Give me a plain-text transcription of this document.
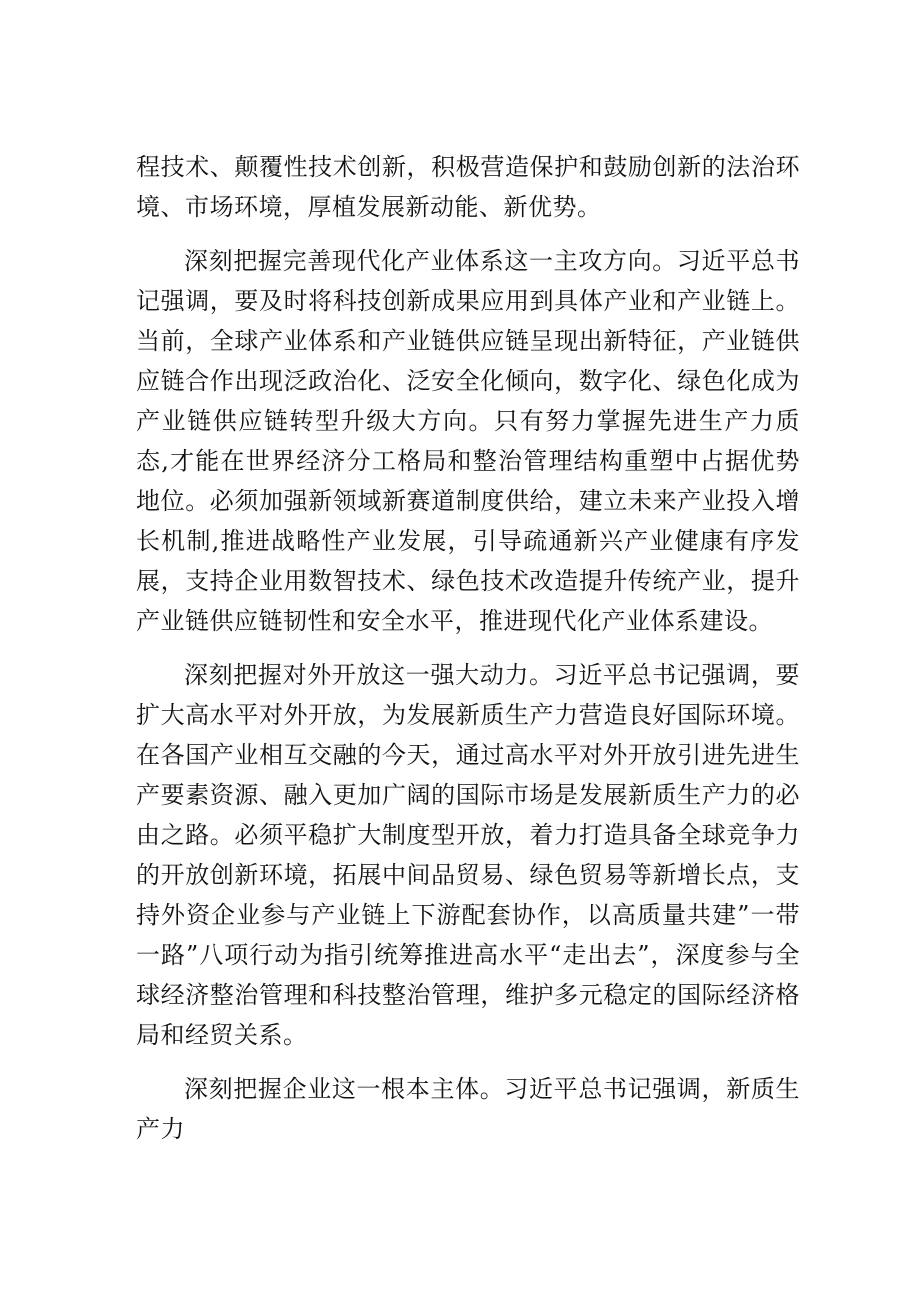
程技术、颠覆性技术创新，积极营造保护和鼓励创新的法治环境、市场环境，厚植发展新动能、新优势。

深刻把握完善现代化产业体系这一主攻方向。习近平总书记强调，要及时将科技创新成果应用到具体产业和产业链上。当前，全球产业体系和产业链供应链呈现出新特征，产业链供应链合作出现泛政治化、泛安全化倾向，数字化、绿色化成为产业链供应链转型升级大方向。只有努力掌握先进生产力质态,才能在世界经济分工格局和整治管理结构重塑中占据优势地位。必须加强新领域新赛道制度供给，建立未来产业投入增长机制,推进战略性产业发展，引导疏通新兴产业健康有序发展，支持企业用数智技术、绿色技术改造提升传统产业，提升产业链供应链韧性和安全水平，推进现代化产业体系建设。

深刻把握对外开放这一强大动力。习近平总书记强调，要扩大高水平对外开放，为发展新质生产力营造良好国际环境。在各国产业相互交融的今天，通过高水平对外开放引进先进生产要素资源、融入更加广阔的国际市场是发展新质生产力的必由之路。必须平稳扩大制度型开放，着力打造具备全球竞争力的开放创新环境，拓展中间品贸易、绿色贸易等新增长点，支持外资企业参与产业链上下游配套协作，以高质量共建”一带一路”八项行动为指引统筹推进高水平“走出去”，深度参与全球经济整治管理和科技整治管理，维护多元稳定的国际经济格局和经贸关系。

深刻把握企业这一根本主体。习近平总书记强调，新质生产力
